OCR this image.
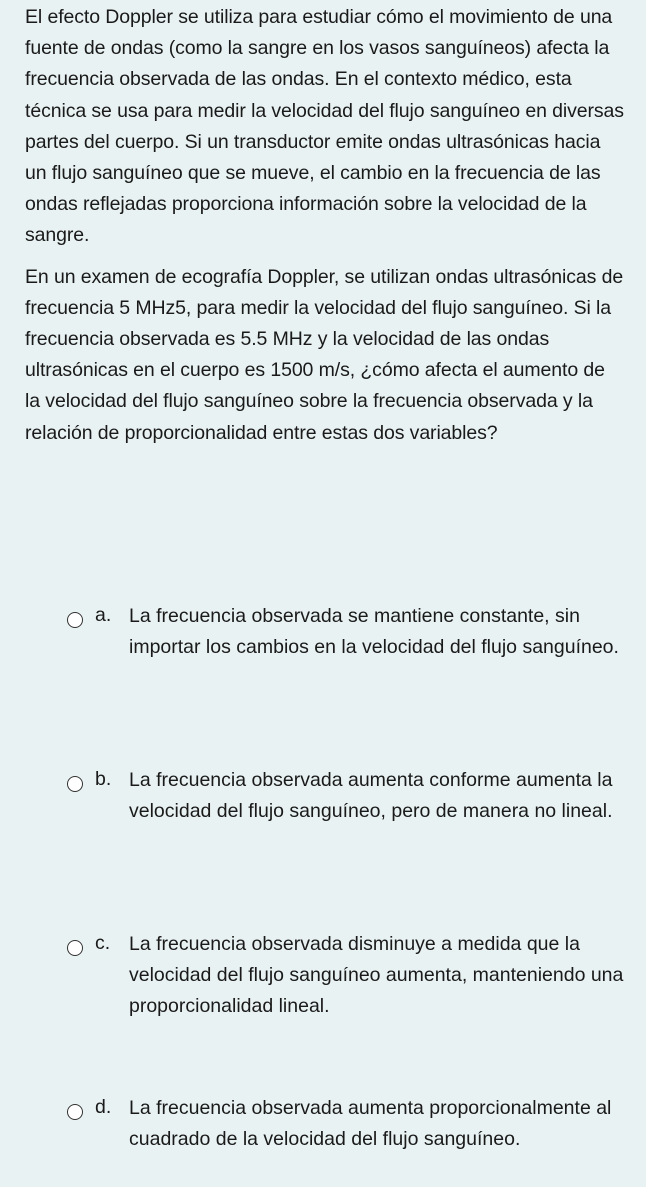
El efecto Doppler se utiliza para estudiar cómo el movimiento de una fuente de ondas (como la sangre en los vasos sanguíneos) afecta la frecuencia observada de las ondas. En el contexto médico, esta técnica se usa para medir la velocidad del flujo sanguíneo en diversas partes del cuerpo. Si un transductor emite ondas ultrasónicas hacia un flujo sanguíneo que se mueve, el cambio en la frecuencia de las ondas reflejadas proporciona información sobre la velocidad de la sangre.

En un examen de ecografía Doppler, se utilizan ondas ultrasónicas de frecuencia 5 MHz5, para medir la velocidad del flujo sanguíneo. Si la frecuencia observada es 5.5 MHz y la velocidad de las ondas ultrasónicas en el cuerpo es 1500 m/s, ¿cómo afecta el aumento de la velocidad del flujo sanguíneo sobre la frecuencia observada y la relación de proporcionalidad entre estas dos variables?

a. La frecuencia observada se mantiene constante, sin importar los cambios en la velocidad del flujo sanguíneo.
b. La frecuencia observada aumenta conforme aumenta la velocidad del flujo sanguíneo, pero de manera no lineal.
c. La frecuencia observada disminuye a medida que la velocidad del flujo sanguíneo aumenta, manteniendo una proporcionalidad lineal.
d. La frecuencia observada aumenta proporcionalmente al cuadrado de la velocidad del flujo sanguíneo.
